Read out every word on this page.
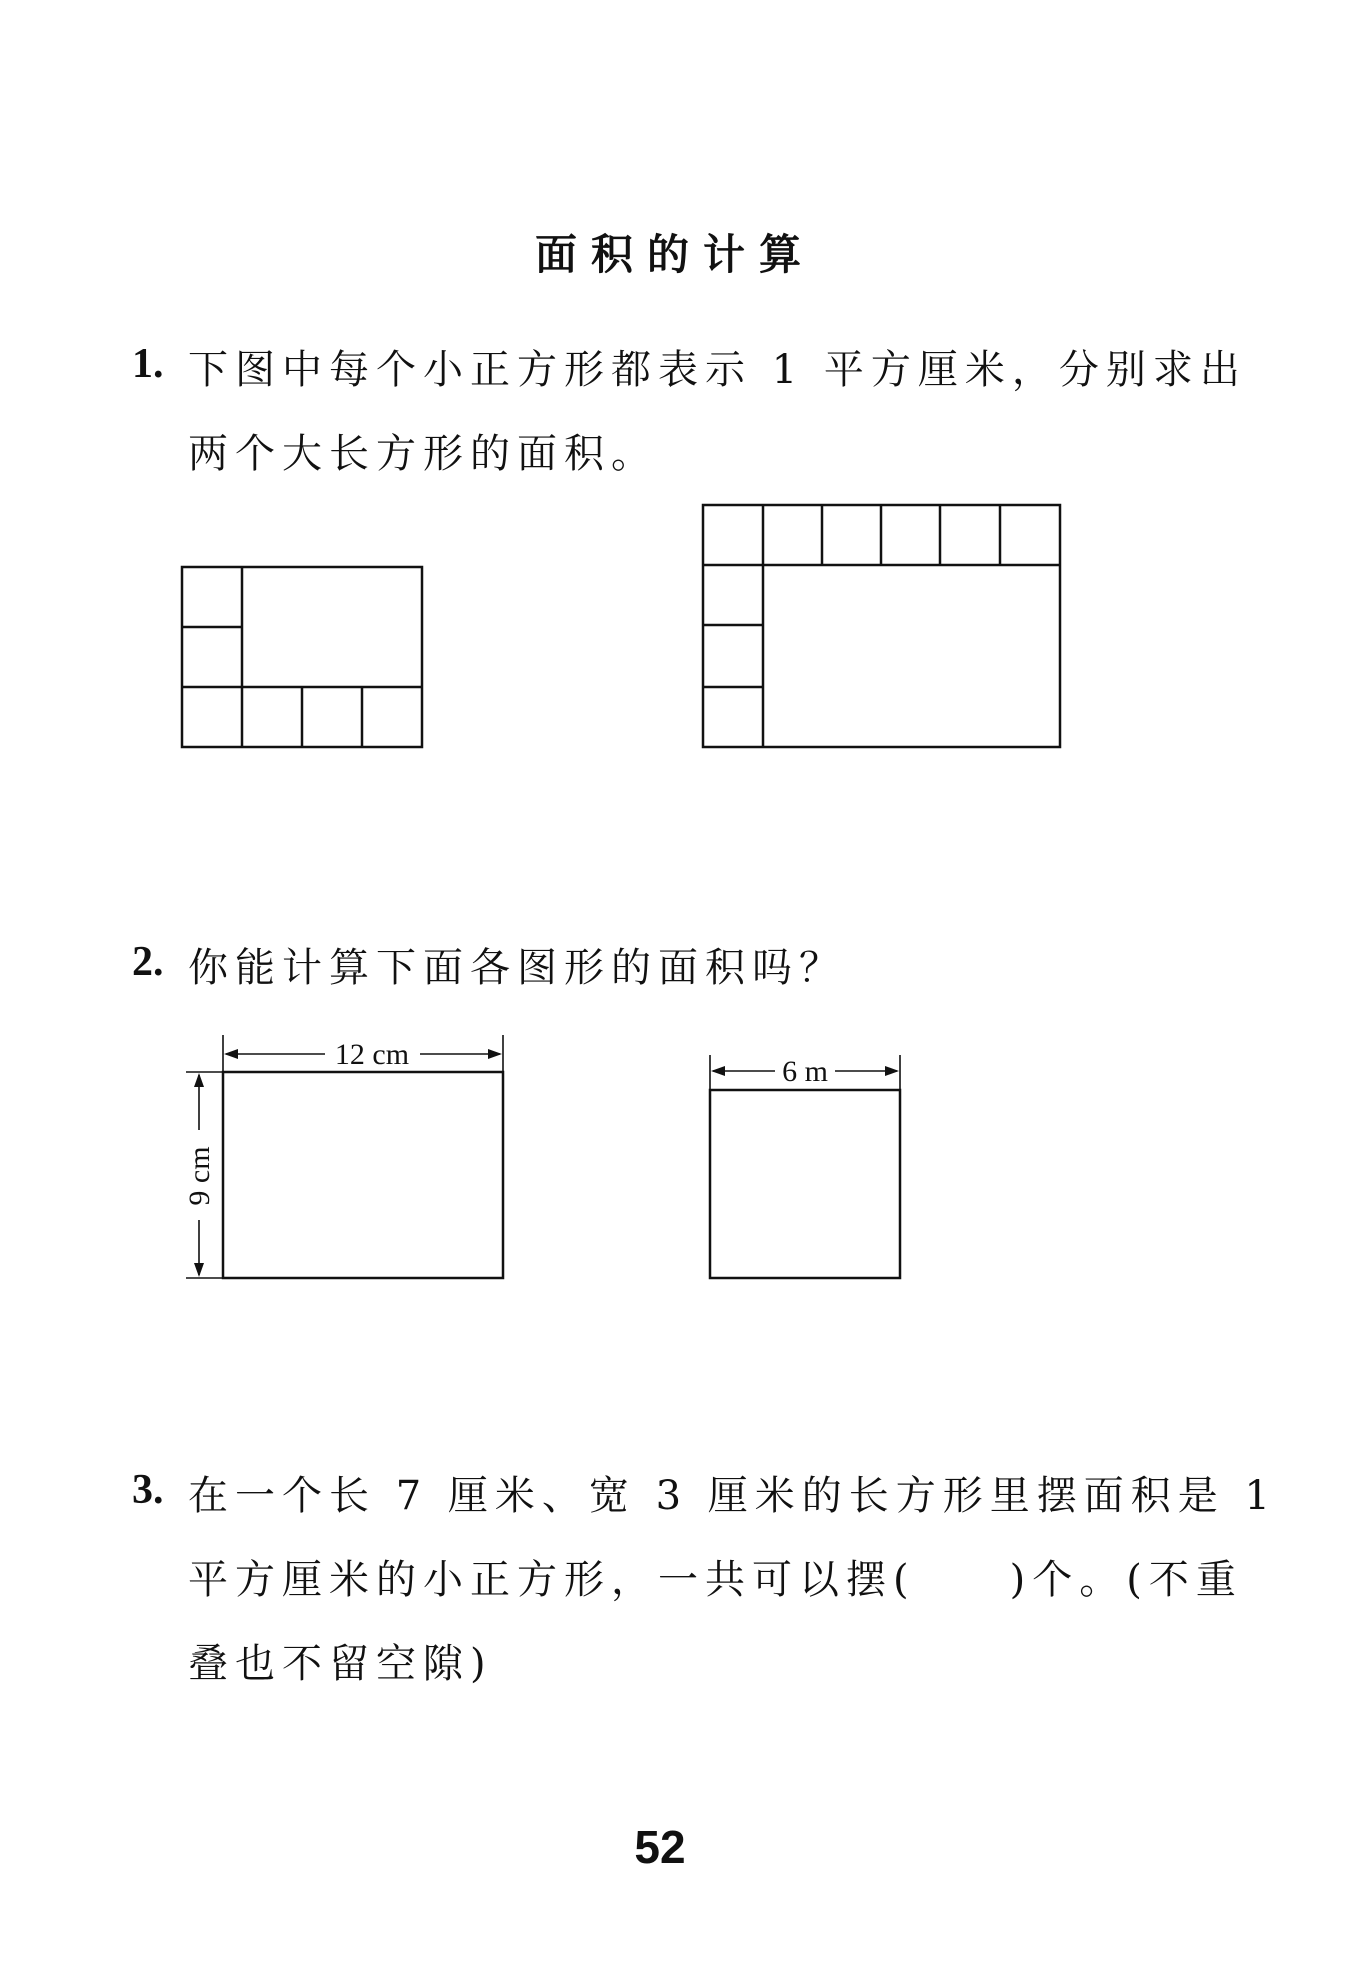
面积的计算
1. 下图中每个小正方形都表示 1 平方厘米，分别求出
两个大长方形的面积。
2. 你能计算下面各图形的面积吗？
12 cm
9 cm
6 m
3. 在一个长 7 厘米、宽 3 厘米的长方形里摆面积是 1
平方厘米的小正方形，一共可以摆(　　)个。(不重
叠也不留空隙)
52
